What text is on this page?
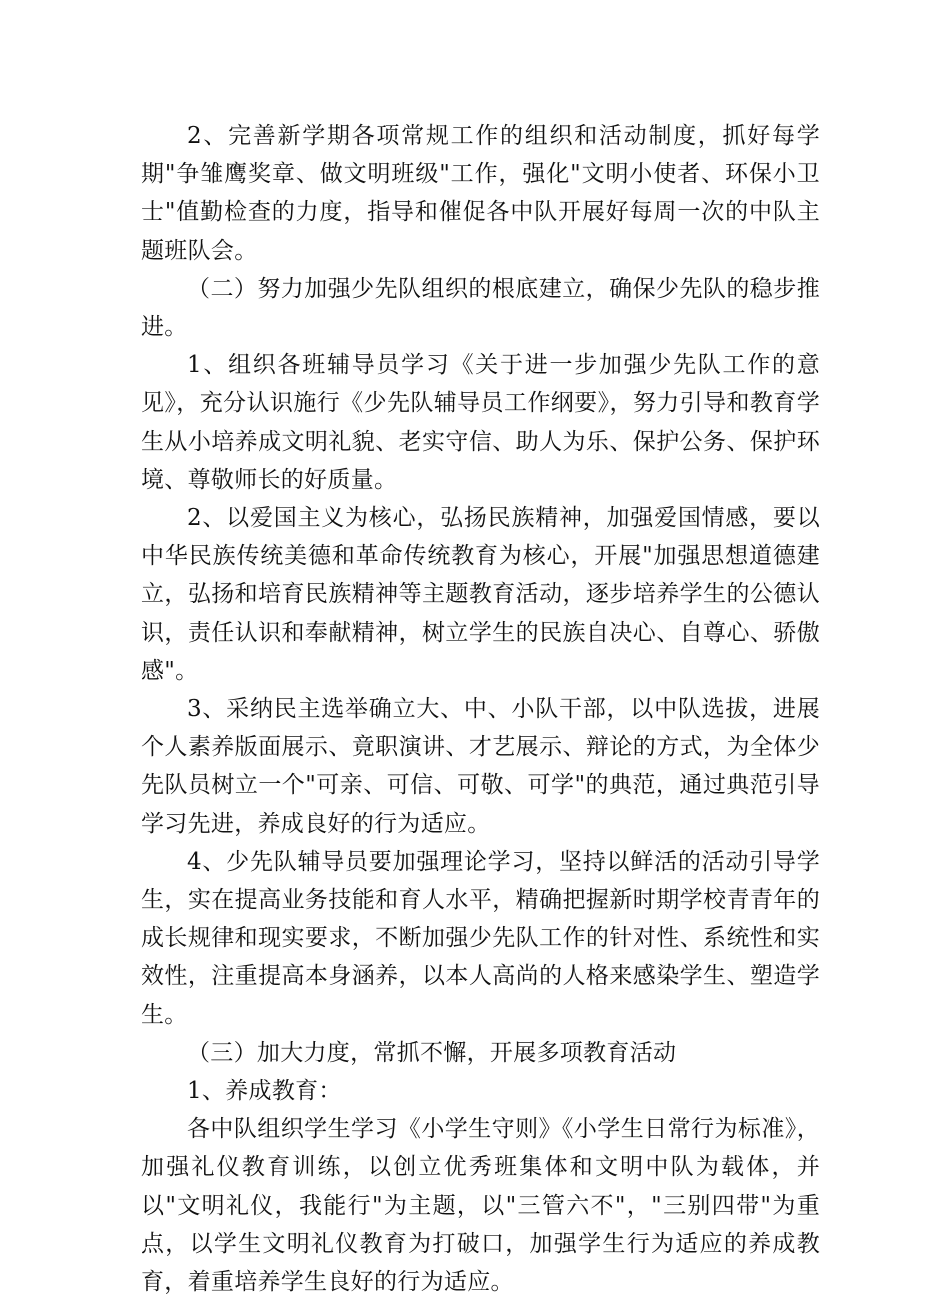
2、完善新学期各项常规工作的组织和活动制度，抓好每学期"争雏鹰奖章、做文明班级"工作，强化"文明小使者、环保小卫士"值勤检查的力度，指导和催促各中队开展好每周一次的中队主题班队会。

（二）努力加强少先队组织的根底建立，确保少先队的稳步推进。

1、组织各班辅导员学习《关于进一步加强少先队工作的意见》，充分认识施行《少先队辅导员工作纲要》，努力引导和教育学生从小培养成文明礼貌、老实守信、助人为乐、保护公务、保护环境、尊敬师长的好质量。

2、以爱国主义为核心，弘扬民族精神，加强爱国情感，要以中华民族传统美德和革命传统教育为核心，开展"加强思想道德建立，弘扬和培育民族精神等主题教育活动，逐步培养学生的公德认识，责任认识和奉献精神，树立学生的民族自决心、自尊心、骄傲感"。

3、采纳民主选举确立大、中、小队干部，以中队选拔，进展个人素养版面展示、竟职演讲、才艺展示、辩论的方式，为全体少先队员树立一个"可亲、可信、可敬、可学"的典范，通过典范引导学习先进，养成良好的行为适应。

4、少先队辅导员要加强理论学习，坚持以鲜活的活动引导学生，实在提高业务技能和育人水平，精确把握新时期学校青青年的成长规律和现实要求，不断加强少先队工作的针对性、系统性和实效性，注重提高本身涵养，以本人高尚的人格来感染学生、塑造学生。

（三）加大力度，常抓不懈，开展多项教育活动

1、养成教育：

各中队组织学生学习《小学生守则》《小学生日常行为标准》，加强礼仪教育训练，以创立优秀班集体和文明中队为载体，并以"文明礼仪，我能行"为主题，以"三管六不"，"三别四带"为重点，以学生文明礼仪教育为打破口，加强学生行为适应的养成教育，着重培养学生良好的行为适应。
